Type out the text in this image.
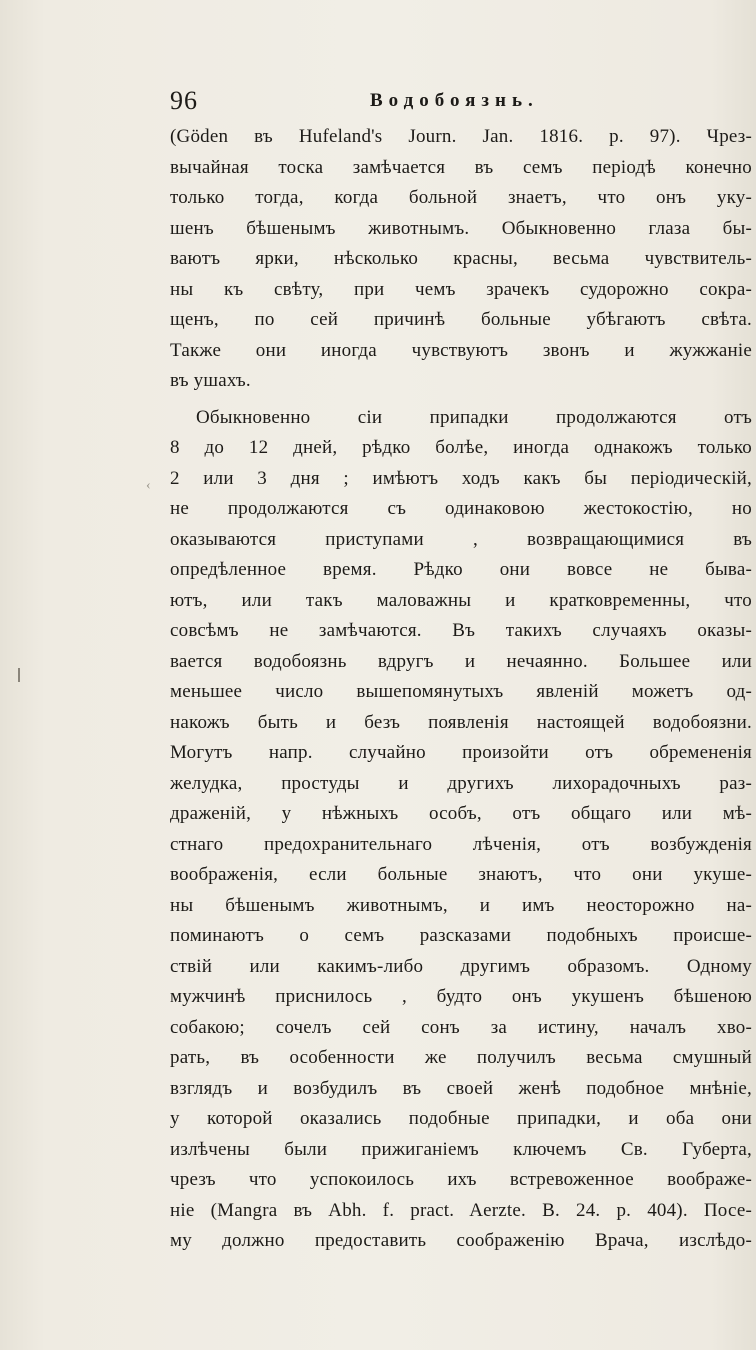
96	Водобоязнь.
‹
(Göden въ Hufeland's Journ. Jan. 1816. p. 97). Чрез-
вычайная тоска замѣчается въ семъ періодѣ конечно
только тогда, когда больной знаетъ, что онъ уку-
шенъ бѣшенымъ животнымъ. Обыкновенно глаза бы-
ваютъ ярки, нѣсколько красны, весьма чувствитель-
ны къ свѣту, при чемъ зрачекъ судорожно сокра-
щенъ, по сей причинѣ больные убѣгаютъ свѣта.
Также они иногда чувствуютъ звонъ и жужжаніе
въ ушахъ.
Обыкновенно сіи припадки продолжаются отъ
8 до 12 дней, рѣдко болѣе, иногда однакожъ только
2 или 3 дня ; имѣютъ ходъ какъ бы періодическій,
не продолжаются съ одинаковою жестокостію, но
оказываются приступами , возвращающимися въ
опредѣленное время. Рѣдко они вовсе не быва-
ютъ, или такъ маловажны и кратковременны, что
совсѣмъ не замѣчаются. Въ такихъ случаяхъ оказы-
вается водобоязнь вдругъ и нечаянно. Большее или
меньшее число вышепомянутыхъ явленій можетъ од-
накожъ быть и безъ появленія настоящей водобоязни.
Могутъ напр. случайно произойти отъ обремененія
желудка, простуды и другихъ лихорадочныхъ раз-
драженій, у нѣжныхъ особъ, отъ общаго или мѣ-
стнаго предохранительнаго лѣченія, отъ возбужденія
воображенія, если больные знаютъ, что они укуше-
ны бѣшенымъ животнымъ, и имъ неосторожно на-
поминаютъ о семъ разсказами подобныхъ происше-
ствій или какимъ-либо другимъ образомъ. Одному
мужчинѣ приснилось , будто онъ укушенъ бѣшеною
собакою; сочелъ сей сонъ за истину, началъ хво-
рать, въ особенности же получилъ весьма смушный
взглядъ и возбудилъ въ своей женѣ подобное мнѣніе,
у которой оказались подобные припадки, и оба они
излѣчены были прижиганіемъ ключемъ Св. Губерта,
чрезъ что успокоилось ихъ встревоженное воображе-
ніе (Mangra въ Abh. f. pract. Aerzte. B. 24. p. 404). Посе-
му должно предоставить соображенію Врача, изслѣдо-
